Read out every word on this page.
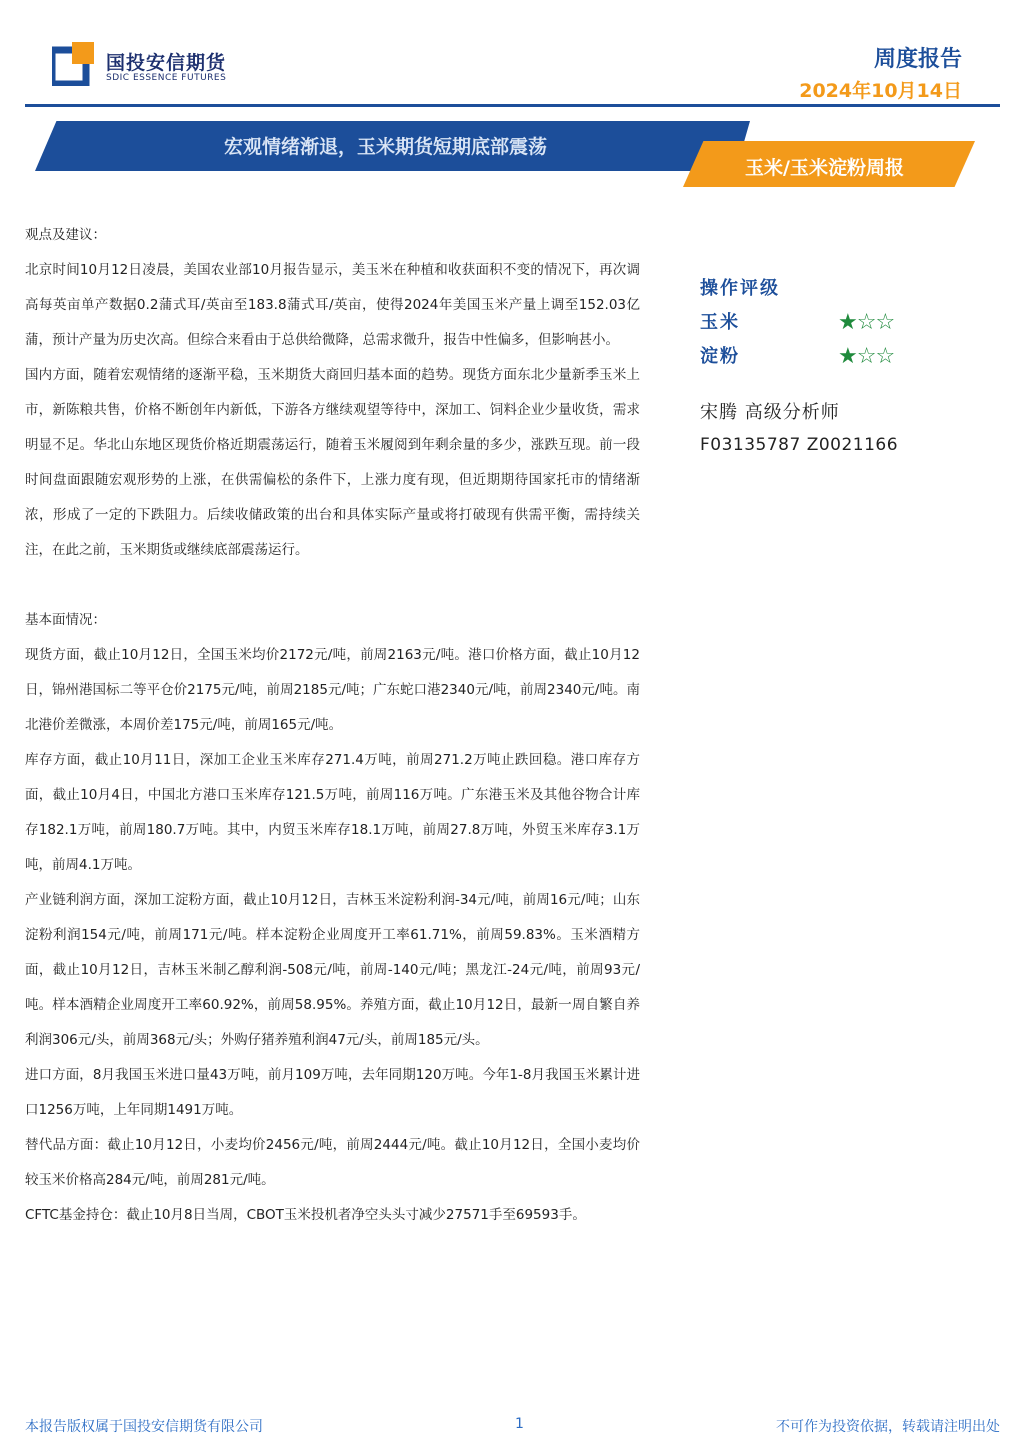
国投安信期货
SDIC ESSENCE FUTURES
周度报告
2024年10月14日
宏观情绪渐退，玉米期货短期底部震荡
玉米/玉米淀粉周报

观点及建议：

北京时间10月12日凌晨，美国农业部10月报告显示，美玉米在种植和收获面积不变的情况下，再次调高每英亩单产数据0.2蒲式耳/英亩至183.8蒲式耳/英亩，使得2024年美国玉米产量上调至152.03亿蒲，预计产量为历史次高。但综合来看由于总供给微降，总需求微升，报告中性偏多，但影响甚小。

国内方面，随着宏观情绪的逐渐平稳，玉米期货大商回归基本面的趋势。现货方面东北少量新季玉米上市，新陈粮共售，价格不断创年内新低，下游各方继续观望等待中，深加工、饲料企业少量收货，需求明显不足。华北山东地区现货价格近期震荡运行，随着玉米履阅到年剩余量的多少，涨跌互现。前一段时间盘面跟随宏观形势的上涨，在供需偏松的条件下，上涨力度有现，但近期期待国家托市的情绪渐浓，形成了一定的下跌阻力。后续收储政策的出台和具体实际产量或将打破现有供需平衡，需持续关注，在此之前，玉米期货或继续底部震荡运行。

基本面情况：

现货方面，截止10月12日，全国玉米均价2172元/吨，前周2163元/吨。港口价格方面，截止10月12日，锦州港国标二等平仓价2175元/吨，前周2185元/吨；广东蛇口港2340元/吨，前周2340元/吨。南北港价差微涨，本周价差175元/吨，前周165元/吨。

库存方面，截止10月11日，深加工企业玉米库存271.4万吨，前周271.2万吨止跌回稳。港口库存方面，截止10月4日，中国北方港口玉米库存121.5万吨，前周116万吨。广东港玉米及其他谷物合计库存182.1万吨，前周180.7万吨。其中，内贸玉米库存18.1万吨，前周27.8万吨，外贸玉米库存3.1万吨，前周4.1万吨。

产业链利润方面，深加工淀粉方面，截止10月12日，吉林玉米淀粉利润-34元/吨，前周16元/吨；山东淀粉利润154元/吨，前周171元/吨。样本淀粉企业周度开工率61.71%，前周59.83%。玉米酒精方面，截止10月12日，吉林玉米制乙醇利润-508元/吨，前周-140元/吨；黑龙江-24元/吨，前周93元/吨。样本酒精企业周度开工率60.92%，前周58.95%。养殖方面，截止10月12日，最新一周自繁自养利润306元/头，前周368元/头；外购仔猪养殖利润47元/头，前周185元/头。

进口方面，8月我国玉米进口量43万吨，前月109万吨，去年同期120万吨。今年1-8月我国玉米累计进口1256万吨，上年同期1491万吨。

替代品方面：截止10月12日，小麦均价2456元/吨，前周2444元/吨。截止10月12日，全国小麦均价较玉米价格高284元/吨，前周281元/吨。

CFTC基金持仓：截止10月8日当周，CBOT玉米投机者净空头头寸减少27571手至69593手。

操作评级
玉米	★☆☆
淀粉	★☆☆
宋腾 高级分析师
F03135787 Z0021166
本报告版权属于国投安信期货有限公司	1	不可作为投资依据，转载请注明出处
